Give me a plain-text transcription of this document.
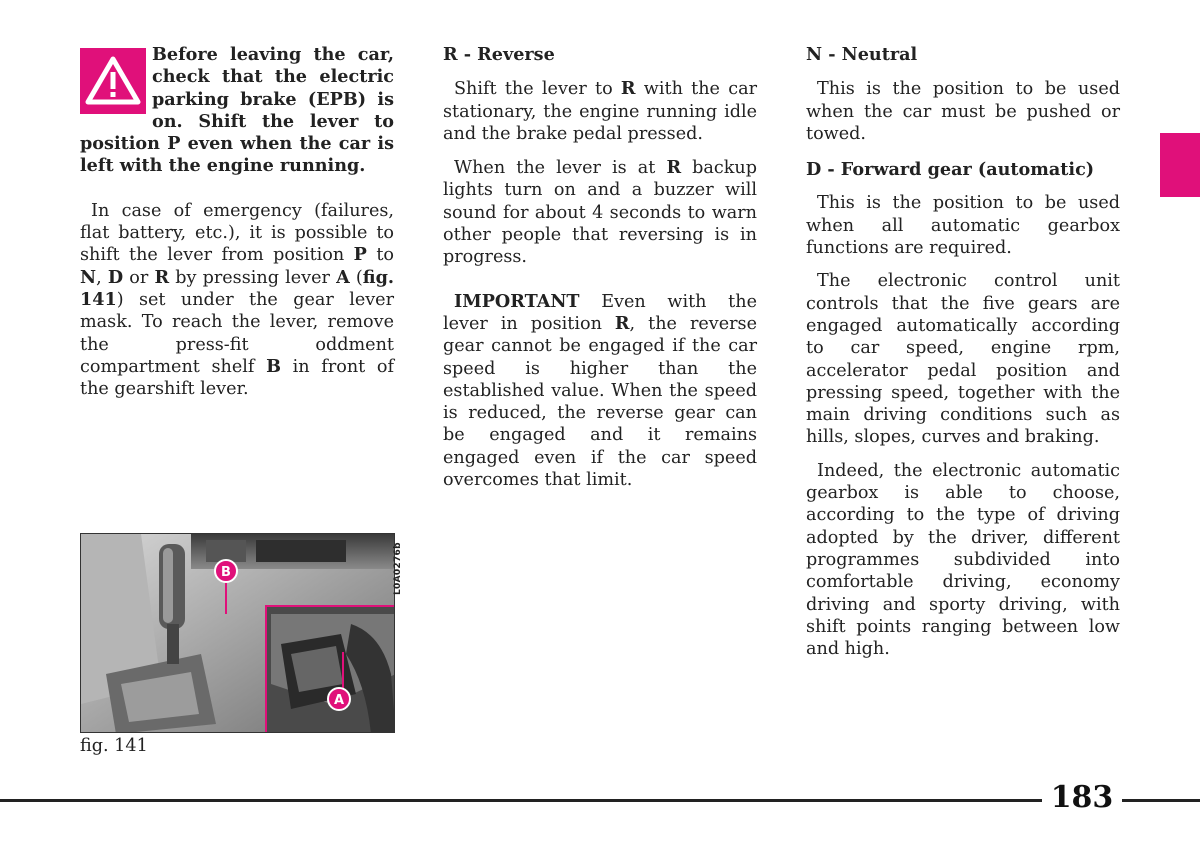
Before leaving the car, check that the electric parking brake (EPB) is on. Shift the lever to position P even when the car is left with the engine running.

In case of emergency (failures, flat battery, etc.), it is possible to shift the lever from position P to N, D or R by pressing lever A (fig. 141) set under the gear lever mask. To reach the lever, remove the press-fit oddment compartment shelf B in front of the gearshift lever.

B
A
L0A0276b
fig. 141

R - Reverse

Shift the lever to R with the car stationary, the engine running idle and the brake pedal pressed.

When the lever is at R backup lights turn on and a buzzer will sound for about 4 seconds to warn other people that reversing is in progress.

IMPORTANT Even with the lever in position R, the reverse gear cannot be engaged if the car speed is higher than the established value. When the speed is reduced, the reverse gear can be engaged and it remains engaged even if the car speed overcomes that limit.

N - Neutral

This is the position to be used when the car must be pushed or towed.

D - Forward gear (automatic)

This is the position to be used when all automatic gearbox functions are required.

The electronic control unit controls that the five gears are engaged automatically according to car speed, engine rpm, accelerator pedal position and pressing speed, together with the main driving conditions such as hills, slopes, curves and braking.

Indeed, the electronic automatic gearbox is able to choose, according to the type of driving adopted by the driver, different programmes subdivided into comfortable driving, economy driving and sporty driving, with shift points ranging between low and high.

183
